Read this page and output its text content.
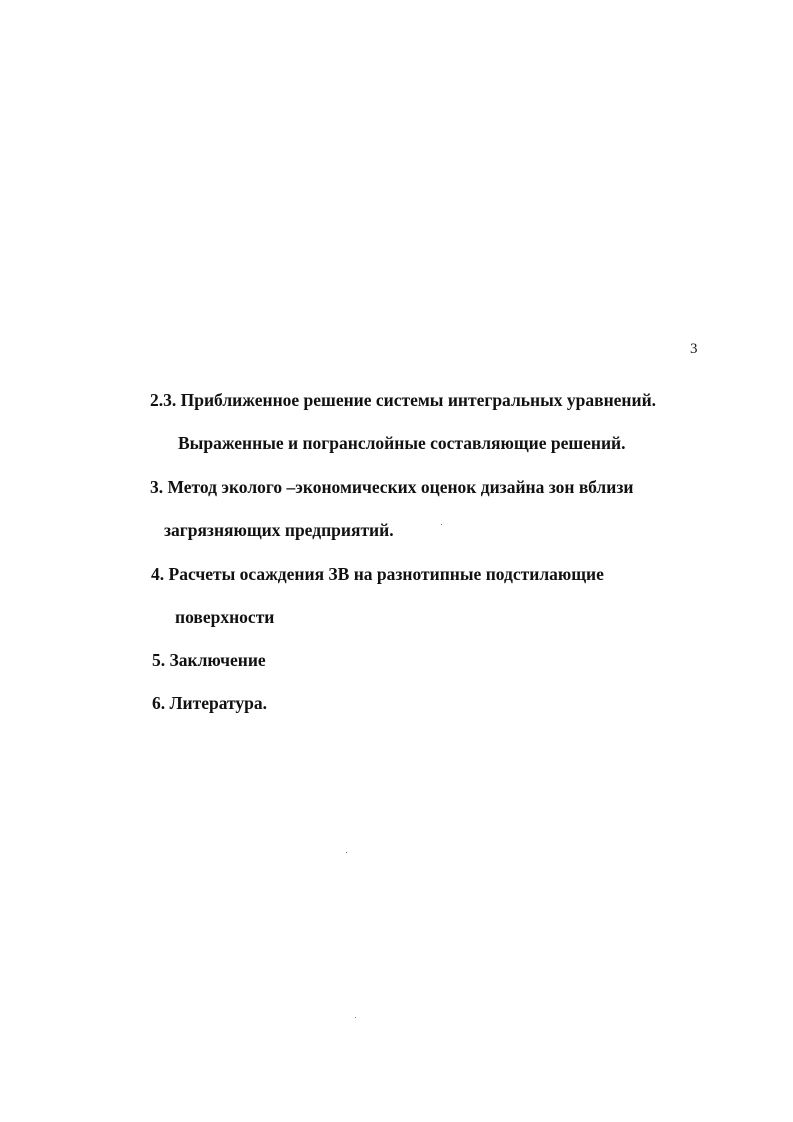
3
2.3. Приближенное решение системы интегральных уравнений.
Выраженные и погранслойные составляющие решений.
3. Метод эколого –экономических оценок дизайна зон вблизи
загрязняющих предприятий.
4. Расчеты осаждения ЗВ на разнотипные подстилающие
поверхности
5. Заключение
6. Литература.
